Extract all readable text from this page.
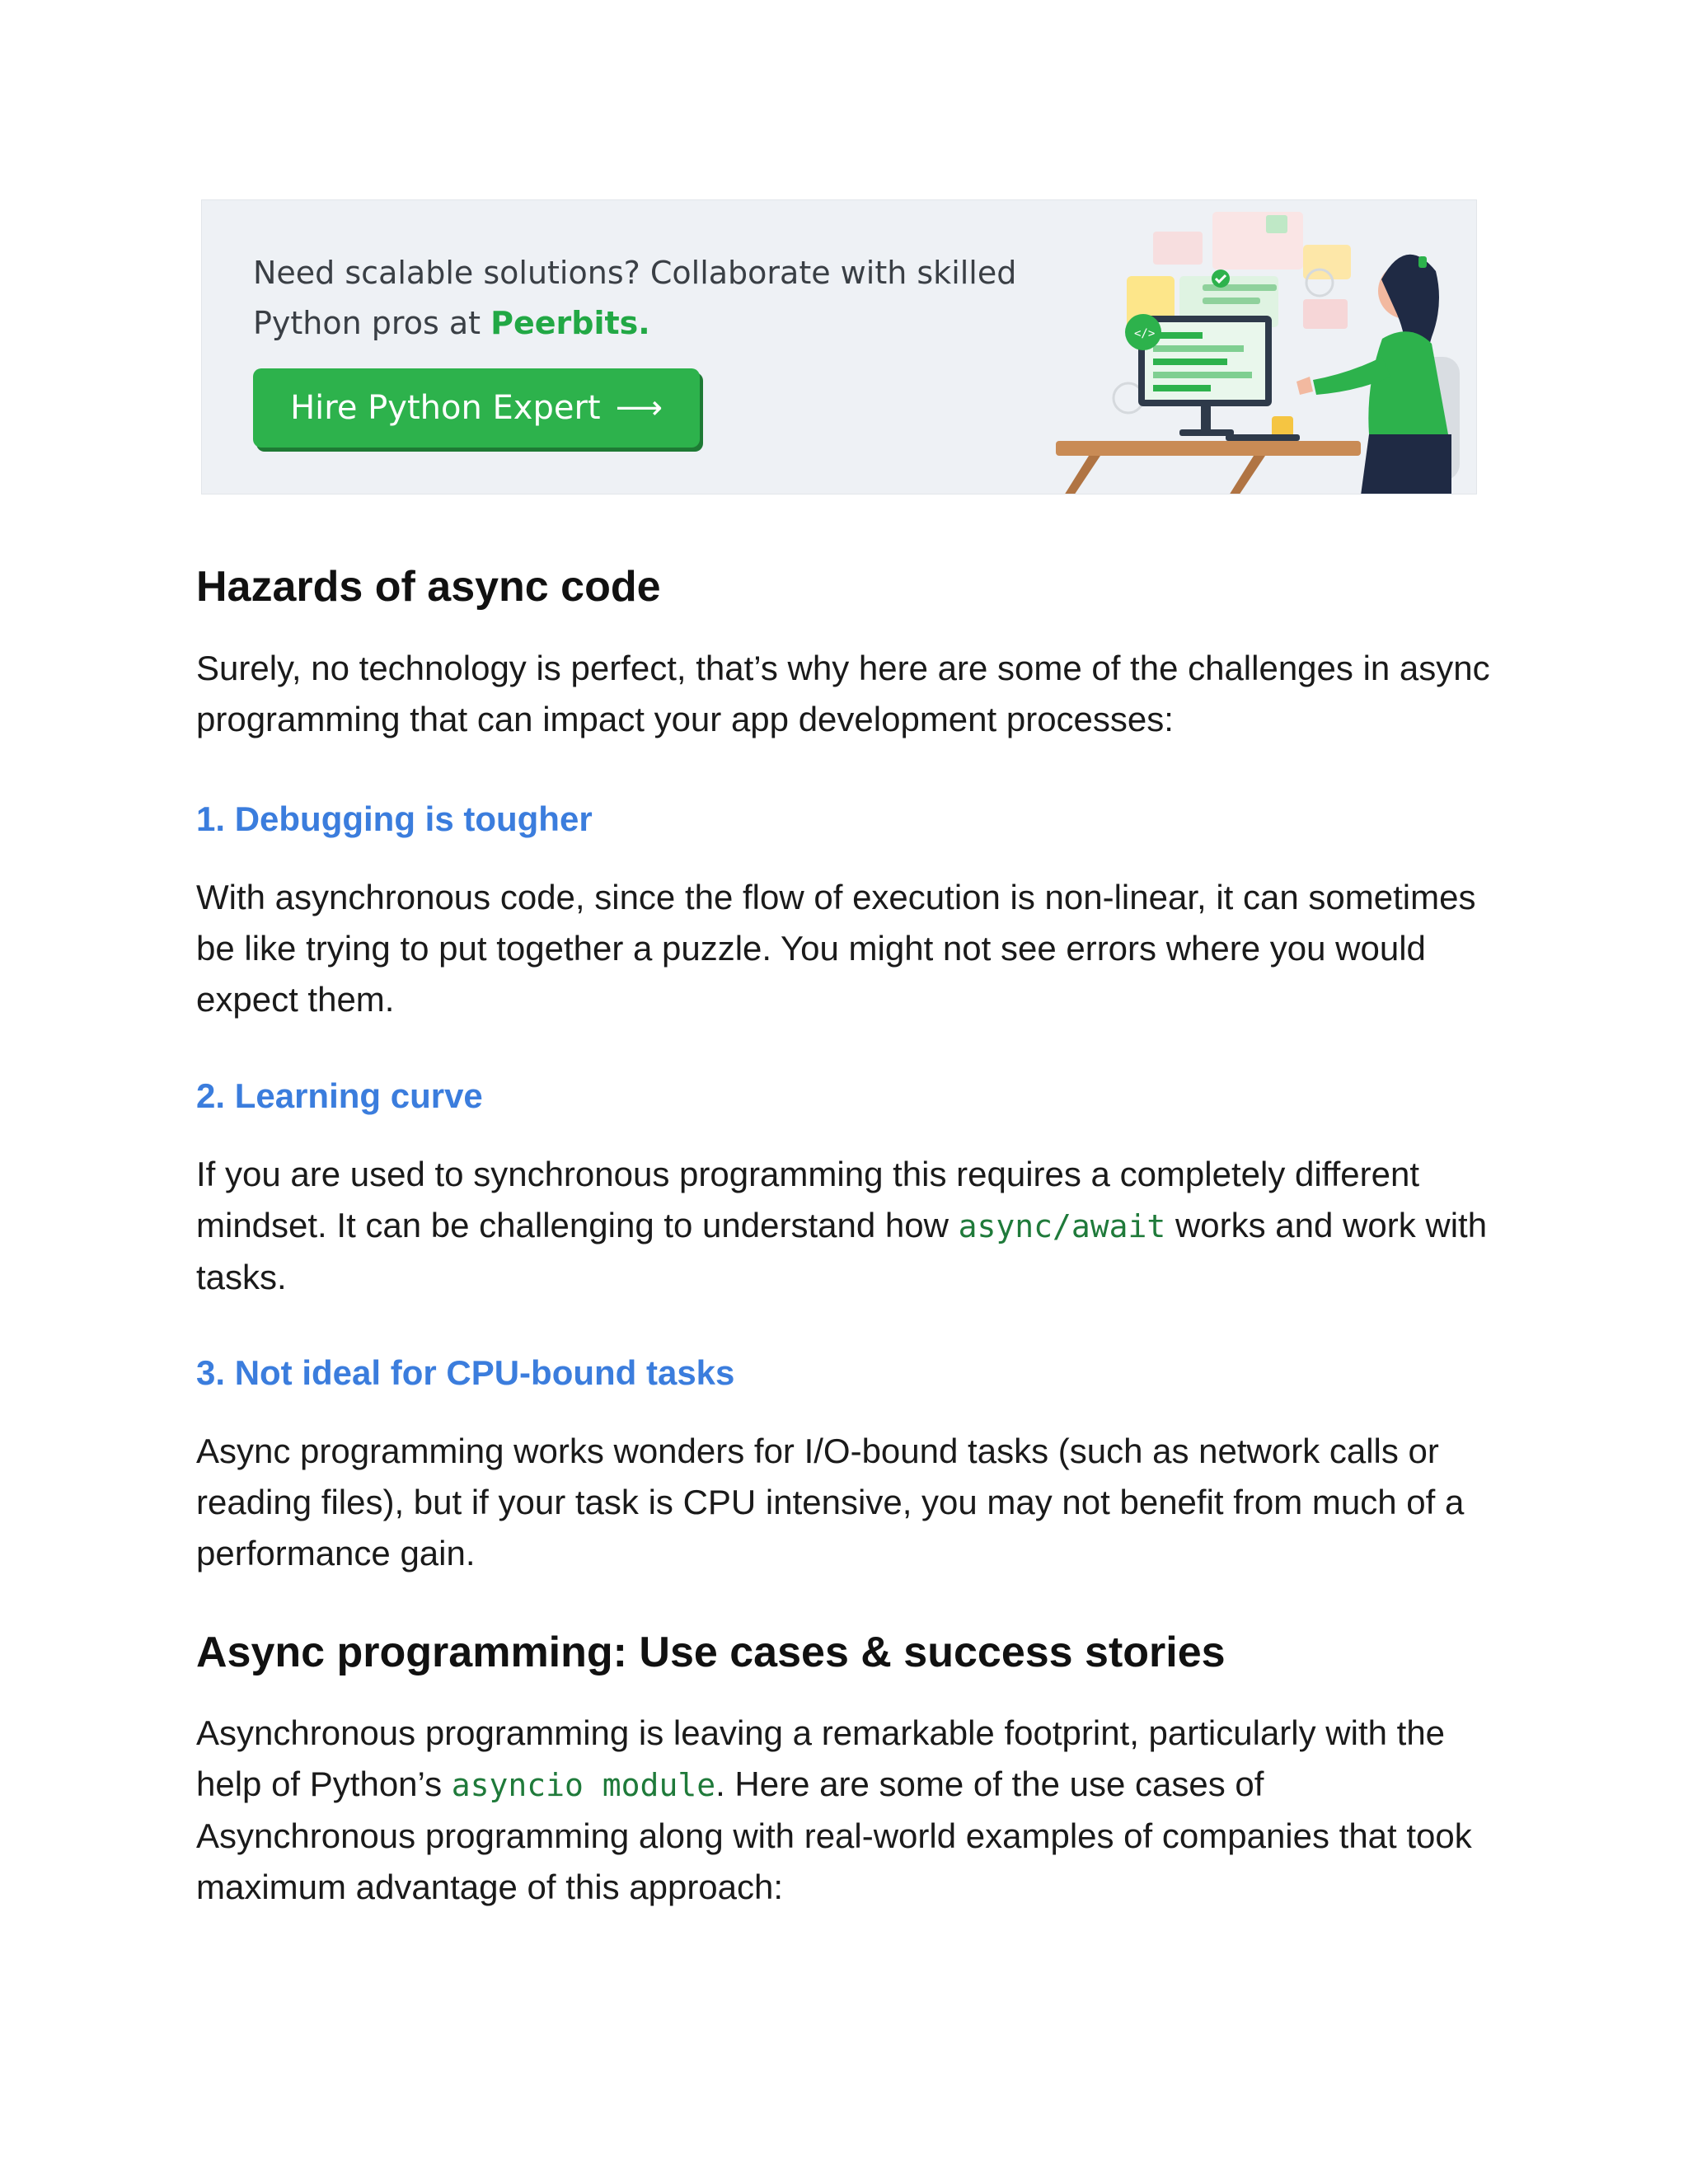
Need scalable solutions? Collaborate with skilled
Python pros at Peerbits.
Hire Python Expert ⟶
</>
Hazards of async code

Surely, no technology is perfect, that’s why here are some of the challenges in async programming that can impact your app development processes:

1. Debugging is tougher

With asynchronous code, since the flow of execution is non-linear, it can sometimes be like trying to put together a puzzle. You might not see errors where you would expect them.

2. Learning curve

If you are used to synchronous programming this requires a completely different mindset. It can be challenging to understand how async/await works and work with tasks.

3. Not ideal for CPU-bound tasks

Async programming works wonders for I/O-bound tasks (such as network calls or reading files), but if your task is CPU intensive, you may not benefit from much of a performance gain.

Async programming: Use cases & success stories

Asynchronous programming is leaving a remarkable footprint, particularly with the help of Python’s asyncio module. Here are some of the use cases of Asynchronous programming along with real-world examples of companies that took maximum advantage of this approach:
